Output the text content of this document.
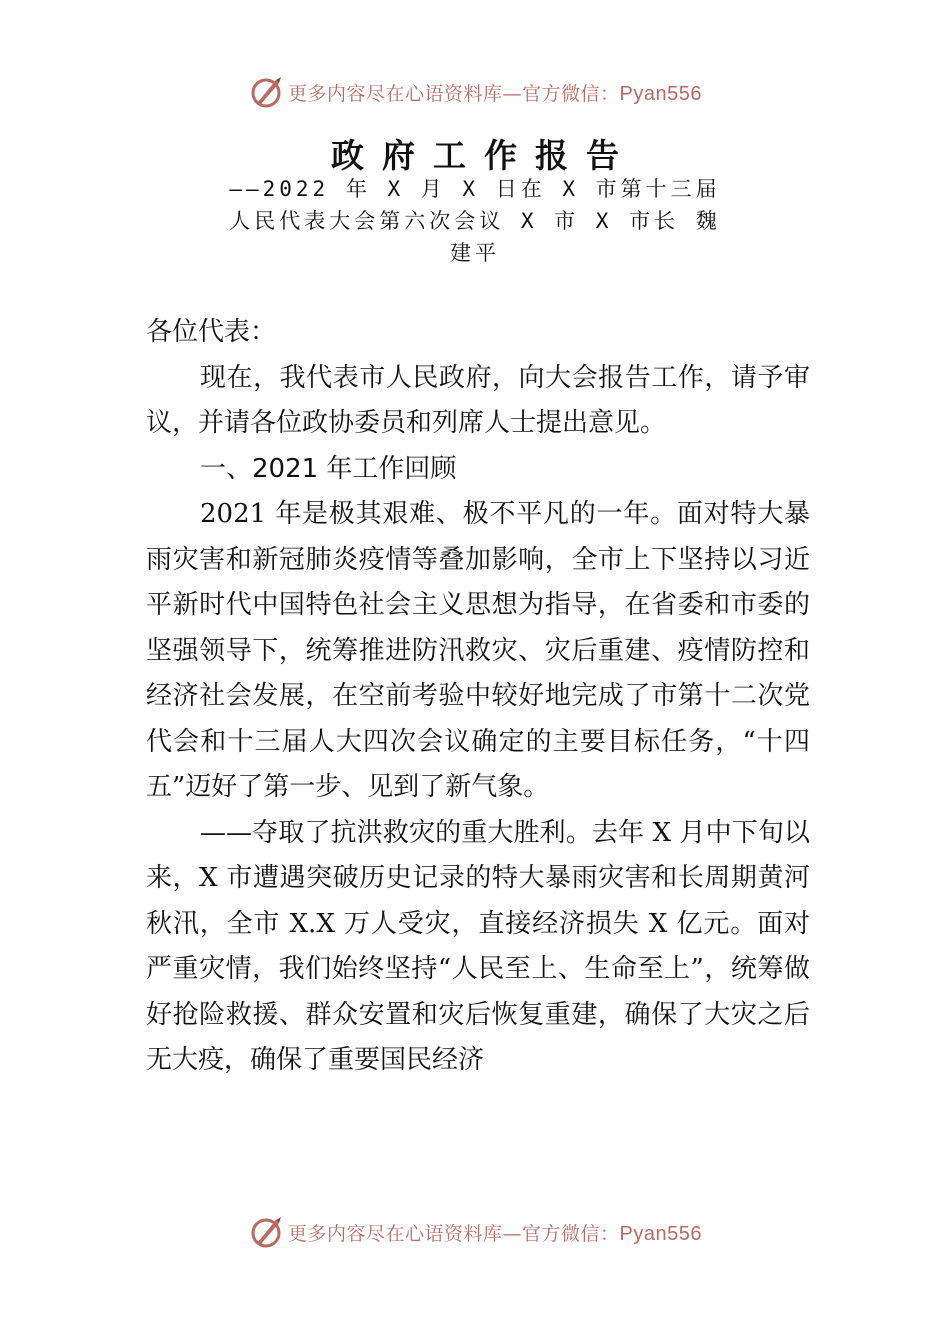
更多内容尽在心语资料库—官方微信：Pyan556
政府工作报告
——2022 年 X 月 X 日在 X 市第十三届
人民代表大会第六次会议 X 市 X 市长 魏
建平

各位代表：

现在，我代表市人民政府，向大会报告工作，请予审议，并请各位政协委员和列席人士提出意见。

一、2021 年工作回顾

2021 年是极其艰难、极不平凡的一年。面对特大暴雨灾害和新冠肺炎疫情等叠加影响，全市上下坚持以习近平新时代中国特色社会主义思想为指导，在省委和市委的坚强领导下，统筹推进防汛救灾、灾后重建、疫情防控和经济社会发展，在空前考验中较好地完成了市第十二次党代会和十三届人大四次会议确定的主要目标任务，“十四五”迈好了第一步、见到了新气象。

——夺取了抗洪救灾的重大胜利。去年 X 月中下旬以来，X 市遭遇突破历史记录的特大暴雨灾害和长周期黄河秋汛，全市 X.X 万人受灾，直接经济损失 X 亿元。面对严重灾情，我们始终坚持“人民至上、生命至上”，统筹做好抢险救援、群众安置和灾后恢复重建，确保了大灾之后无大疫，确保了重要国民经济

更多内容尽在心语资料库—官方微信：Pyan556
